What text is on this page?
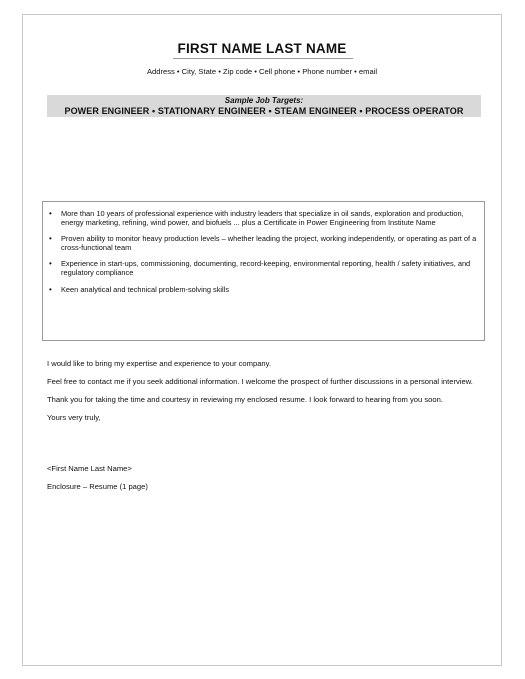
FIRST NAME LAST NAME
Address • City, State • Zip code • Cell phone • Phone number • email
Sample Job Targets:
POWER ENGINEER • STATIONARY ENGINEER • STEAM ENGINEER • PROCESS OPERATOR
• More than 10 years of professional experience with industry leaders that specialize in oil sands, exploration and production, energy marketing, refining, wind power, and biofuels ... plus a Certificate in Power Engineering from Institute Name
• Proven ability to monitor heavy production levels – whether leading the project, working independently, or operating as part of a cross-functional team
• Experience in start-ups, commissioning, documenting, record-keeping, environmental reporting, health / safety initiatives, and regulatory compliance
• Keen analytical and technical problem-solving skills

I would like to bring my expertise and experience to your company.

Feel free to contact me if you seek additional information. I welcome the prospect of further discussions in a personal interview.

Thank you for taking the time and courtesy in reviewing my enclosed resume. I look forward to hearing from you soon.

Yours very truly,

<First Name Last Name>
Enclosure – Resume (1 page)
